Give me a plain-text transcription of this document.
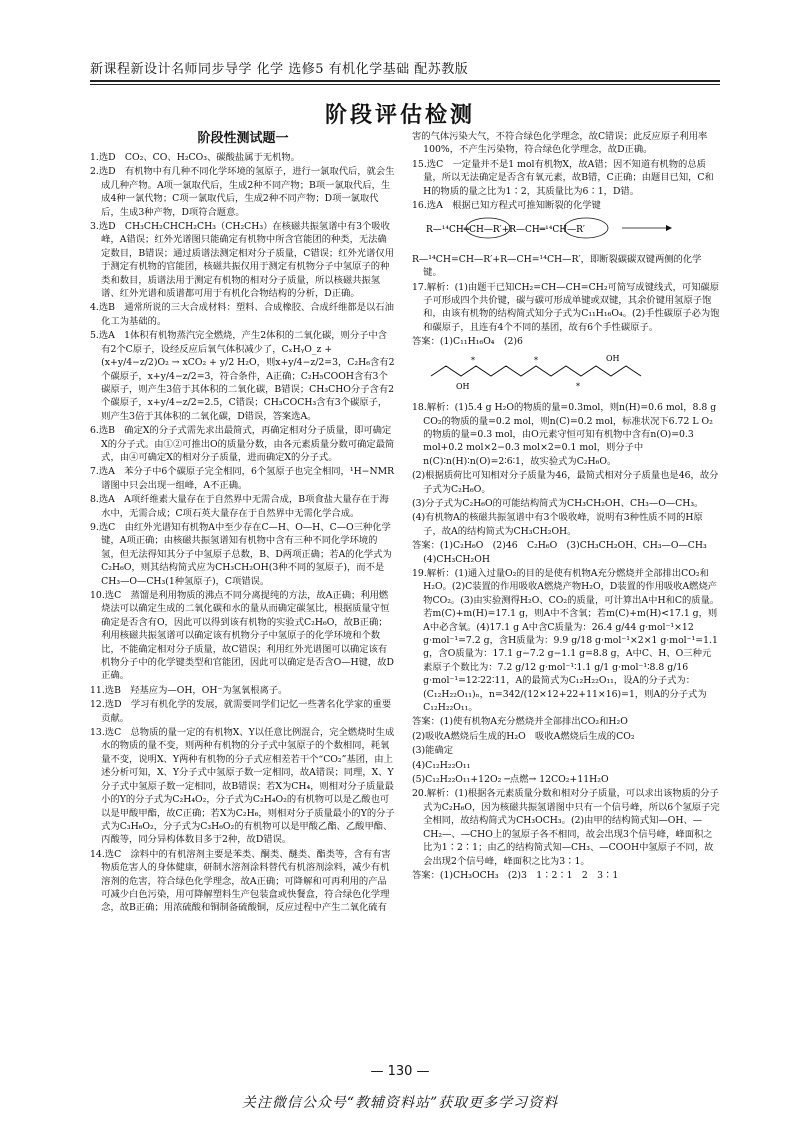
新课程新设计名师同步导学 化学 选修5 有机化学基础 配苏教版
阶段评估检测
阶段性测试题一
1.选D　CO₂、CO、H₂CO₃、碳酸盐属于无机物。
2.选D　有机物中有几种不同化学环境的氢原子，进行一氯取代后，就会生成几种产物。A项一氯取代后，生成2种不同产物；B项一氯取代后，生成4种一氯代物；C项一氯取代后，生成2种不同产物；D项一氯取代后，生成3种产物，D项符合题意。
3.选D　CH₃CH₂CHCH₂CH₃（CH₂CH₃）在核磁共振氢谱中有3个吸收峰，A错误；红外光谱图只能确定有机物中所含官能团的种类，无法确定数目，B错误；通过质谱法测定相对分子质量，C错误；红外光谱仅用于测定有机物的官能团，核磁共振仅用于测定有机物分子中氢原子的种类和数目，质谱法用于测定有机物的相对分子质量，所以核磁共振氢谱、红外光谱和质谱都可用于有机化合物结构的分析，D正确。
4.选B　通常所说的三大合成材料：塑料、合成橡胶、合成纤维都是以石油化工为基础的。
5.选A　1体积有机物蒸汽完全燃烧，产生2体积的二氧化碳，则分子中含有2个C原子，设经反应后氧气体积减少了，CₓHᵧO_z + (x+y/4−z/2)O₂ → xCO₂ + y/2 H₂O，则x+y/4−z/2=3，C₂H₆含有2个碳原子，x+y/4−z/2=3，符合条件，A正确；C₂H₅COOH含有3个碳原子，则产生3倍于其体积的二氧化碳，B错误；CH₃CHO分子含有2个碳原子，x+y/4−z/2=2.5，C错误；CH₃COCH₃含有3个碳原子，则产生3倍于其体积的二氧化碳，D错误，答案选A。
6.选B　确定X的分子式需先求出最简式，再确定相对分子质量，即可确定X的分子式。由①②可推出O的质量分数，由各元素质量分数可确定最简式，由④可确定X的相对分子质量，进而确定X的分子式。
7.选A　苯分子中6个碳原子完全相同，6个氢原子也完全相同，¹H−NMR谱图中只会出现一组峰，A不正确。
8.选A　A项纤维素大量存在于自然界中无需合成，B项食盐大量存在于海水中，无需合成；C项石英大量存在于自然界中无需化学合成。
9.选C　由红外光谱知有机物A中至少存在C—H、O—H、C—O三种化学键，A项正确；由核磁共振氢谱知有机物中含有三种不同化学环境的氢，但无法得知其分子中氢原子总数，B、D两项正确；若A的化学式为C₂H₆O，则其结构简式应为CH₃CH₂OH(3种不同的氢原子)，而不是CH₃—O—CH₃(1种氢原子)，C项错误。
10.选C　蒸馏是利用物质的沸点不同分离提纯的方法，故A正确；利用燃烧法可以确定生成的二氧化碳和水的量从而确定碳氢比，根据质量守恒确定是否含有O，因此可以得到该有机物的实验式C₂H₆O，故B正确；利用核磁共振氢谱可以确定该有机物分子中氢原子的化学环境和个数比，不能确定相对分子质量，故C错误；利用红外光谱图可以确定该有机物分子中的化学键类型和官能团，因此可以确定是否含O—H键，故D正确。
11.选B　羟基应为—OH，OH⁻为氢氧根离子。
12.选D　学习有机化学的发展，就需要同学们记忆一些著名化学家的重要贡献。
13.选C　总物质的量一定的有机物X、Y以任意比例混合，完全燃烧时生成水的物质的量不变，则两种有机物的分子式中氢原子的个数相同，耗氧量不变，说明X、Y两种有机物的分子式应相差若干个“CO₂”基团，由上述分析可知，X、Y分子式中氢原子数一定相同，故A错误；同理，X、Y分子式中氢原子数一定相同，故B错误；若X为CH₄，则相对分子质量最小的Y的分子式为C₂H₄O₂，分子式为C₂H₄O₂的有机物可以是乙酸也可以是甲酸甲酯，故C正确；若X为C₂H₆，则相对分子质量最小的Y的分子式为C₃H₆O₂，分子式为C₃H₆O₂的有机物可以是甲酸乙酯、乙酸甲酯、丙酸等，同分异构体数目多于2种，故D错误。
14.选C　涂料中的有机溶剂主要是苯类、酮类、醚类、酯类等，含有有害物质危害人的身体健康，研制水溶剂涂料替代有机溶剂涂料，减少有机溶剂的危害，符合绿色化学理念，故A正确；可降解和可再利用的产品可减少白色污染，用可降解塑料生产包装盒或快餐盒，符合绿色化学理念，故B正确；用浓硫酸和铜制备硫酸铜，反应过程中产生二氧化硫有
害的气体污染大气，不符合绿色化学理念，故C错误；此反应原子利用率100%，不产生污染物，符合绿色化学理念，故D正确。
15.选C　一定量并不是1 mol有机物X，故A错；因不知道有机物的总质量，所以无法确定是否含有氧元素，故B错，C正确；由题目已知，C和H的物质的量之比为1∶2，其质量比为6∶1，D错。
16.选A　根据已知方程式可推知断裂的化学键
R—¹⁴CH═CH—R′+R—CH═¹⁴CH—R′
R—¹⁴CH=CH—R′+R—CH=¹⁴CH—R′，即断裂碳碳双键两侧的化学键。
17.解析：(1)由题干已知CH₂=CH—CH=CH₂可简写成键线式，可知碳原子可形成四个共价键，碳与碳可形成单键或双键，其余价键用氢原子饱和，由该有机物的结构简式知分子式为C₁₁H₁₆O₄。(2)手性碳原子必为饱和碳原子，且连有4个不同的基团，故有6个手性碳原子。
答案：(1)C₁₁H₁₆O₄　(2)6
OH
*	*
*
OH
18.解析：(1)5.4 g H₂O的物质的量=0.3mol，则n(H)=0.6 mol，8.8 g CO₂的物质的量=0.2 mol，则n(C)=0.2 mol，标准状况下6.72 L O₂的物质的量=0.3 mol，由O元素守恒可知有机物中含有n(O)=0.3 mol+0.2 mol×2−0.3 mol×2=0.1 mol，则分子中n(C)∶n(H)∶n(O)=2∶6∶1，故实验式为C₂H₆O。
(2)根据质荷比可知相对分子质量为46，最简式相对分子质量也是46，故分子式为C₂H₆O。
(3)分子式为C₂H₆O的可能结构简式为CH₃CH₂OH、CH₃—O—CH₃。
(4)有机物A的核磁共振氢谱中有3个吸收峰，说明有3种性质不同的H原子，故A的结构简式为CH₃CH₂OH。
答案：(1)C₂H₆O　(2)46　C₂H₆O　(3)CH₃CH₂OH、CH₃—O—CH₃　(4)CH₃CH₂OH
19.解析：(1)通入过量O₂的目的是使有机物A充分燃烧并全部排出CO₂和H₂O。(2)C装置的作用吸收A燃烧产物H₂O，D装置的作用吸收A燃烧产物CO₂。(3)由实验测得H₂O、CO₂的质量，可计算出A中H和C的质量。若m(C)+m(H)=17.1 g，则A中不含氧；若m(C)+m(H)<17.1 g，则A中必含氧。(4)17.1 g A中含C质量为：26.4 g/44 g·mol⁻¹×12 g·mol⁻¹=7.2 g，含H质量为：9.9 g/18 g·mol⁻¹×2×1 g·mol⁻¹=1.1 g，含O质量为：17.1 g−7.2 g−1.1 g=8.8 g，A中C、H、O三种元素原子个数比为：7.2 g/12 g·mol⁻¹∶1.1 g/1 g·mol⁻¹∶8.8 g/16 g·mol⁻¹=12∶22∶11，A的最简式为C₁₂H₂₂O₁₁，设A的分子式为：(C₁₂H₂₂O₁₁)ₙ，n=342/(12×12+22+11×16)=1，则A的分子式为C₁₂H₂₂O₁₁。
答案：(1)使有机物A充分燃烧并全部排出CO₂和H₂O
(2)吸收A燃烧后生成的H₂O　吸收A燃烧后生成的CO₂
(3)能确定
(4)C₁₂H₂₂O₁₁
(5)C₁₂H₂₂O₁₁+12O₂ ─点燃→ 12CO₂+11H₂O
20.解析：(1)根据各元素质量分数和相对分子质量，可以求出该物质的分子式为C₂H₆O，因为核磁共振氢谱图中只有一个信号峰，所以6个氢原子完全相同，故结构简式为CH₃OCH₃。(2)由甲的结构简式知—OH、—CH₂—、—CHO上的氢原子各不相同，故会出现3个信号峰，峰面积之比为1∶2∶1；由乙的结构简式知—CH₃、—COOH中氢原子不同，故会出现2个信号峰，峰面积之比为3∶1。
答案：(1)CH₃OCH₃　(2)3　1∶2∶1　2　3∶1
— 130 —
关注微信公众号“教辅资料站”获取更多学习资料
